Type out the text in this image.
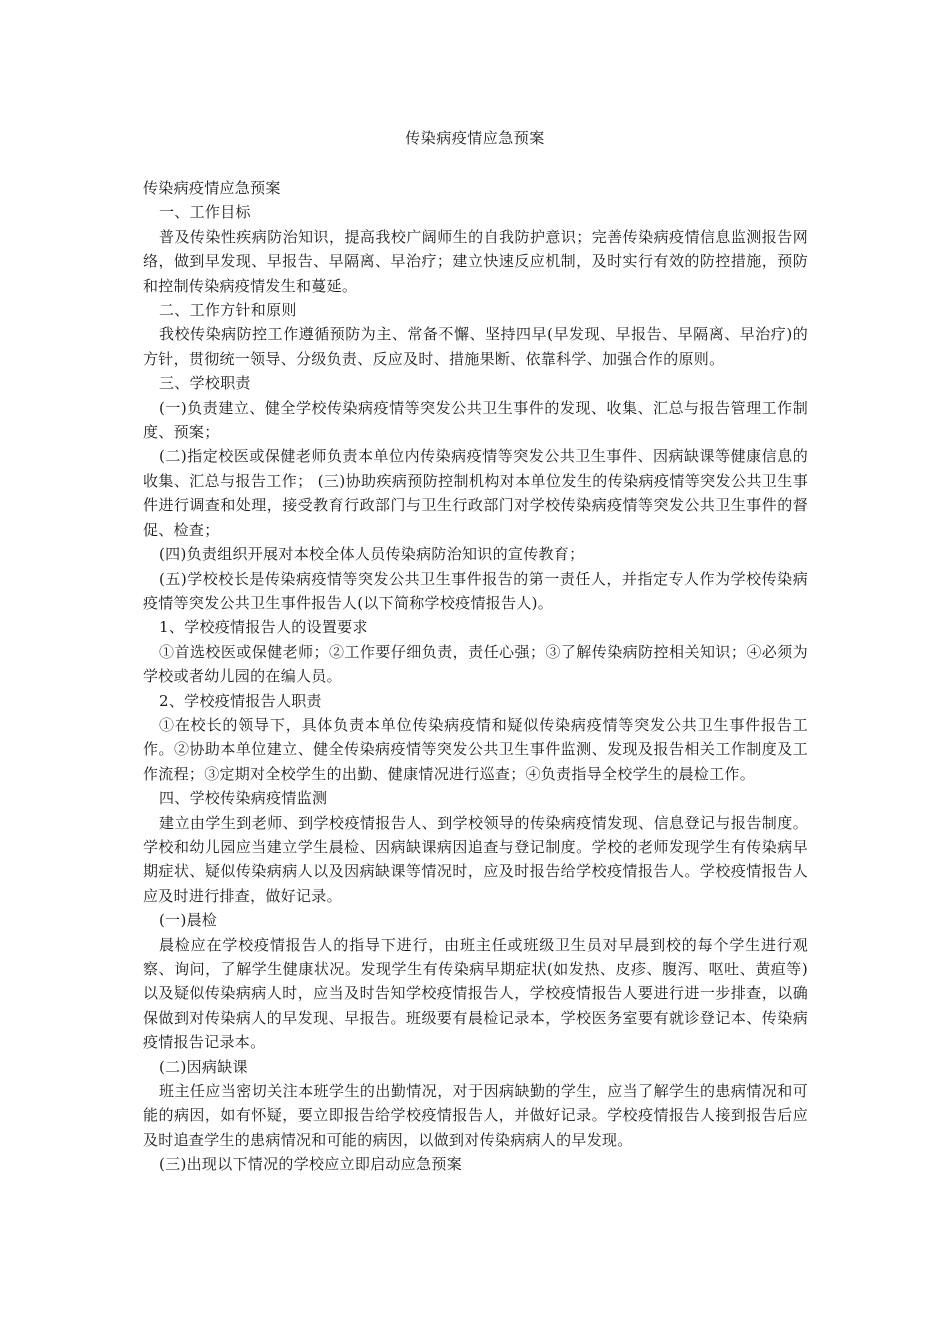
传染病疫情应急预案

传染病疫情应急预案

一、工作目标

普及传染性疾病防治知识，提高我校广阔师生的自我防护意识；完善传染病疫情信息监测报告网络，做到早发现、早报告、早隔离、早治疗；建立快速反应机制，及时实行有效的防控措施，预防和控制传染病疫情发生和蔓延。

二、工作方针和原则

我校传染病防控工作遵循预防为主、常备不懈、坚持四早(早发现、早报告、早隔离、早治疗)的方针，贯彻统一领导、分级负责、反应及时、措施果断、依靠科学、加强合作的原则。

三、学校职责

(一)负责建立、健全学校传染病疫情等突发公共卫生事件的发现、收集、汇总与报告管理工作制度、预案；

(二)指定校医或保健老师负责本单位内传染病疫情等突发公共卫生事件、因病缺课等健康信息的收集、汇总与报告工作； (三)协助疾病预防控制机构对本单位发生的传染病疫情等突发公共卫生事件进行调查和处理，接受教育行政部门与卫生行政部门对学校传染病疫情等突发公共卫生事件的督促、检查；

(四)负责组织开展对本校全体人员传染病防治知识的宣传教育；

(五)学校校长是传染病疫情等突发公共卫生事件报告的第一责任人，并指定专人作为学校传染病疫情等突发公共卫生事件报告人(以下简称学校疫情报告人)。

1、学校疫情报告人的设置要求

①首选校医或保健老师；②工作要仔细负责，责任心强；③了解传染病防控相关知识；④必须为学校或者幼儿园的在编人员。

2、学校疫情报告人职责

①在校长的领导下，具体负责本单位传染病疫情和疑似传染病疫情等突发公共卫生事件报告工作。②协助本单位建立、健全传染病疫情等突发公共卫生事件监测、发现及报告相关工作制度及工作流程；③定期对全校学生的出勤、健康情况进行巡查；④负责指导全校学生的晨检工作。

四、学校传染病疫情监测

建立由学生到老师、到学校疫情报告人、到学校领导的传染病疫情发现、信息登记与报告制度。学校和幼儿园应当建立学生晨检、因病缺课病因追查与登记制度。学校的老师发现学生有传染病早期症状、疑似传染病病人以及因病缺课等情况时，应及时报告给学校疫情报告人。学校疫情报告人应及时进行排查，做好记录。

(一)晨检

晨检应在学校疫情报告人的指导下进行，由班主任或班级卫生员对早晨到校的每个学生进行观察、询问，了解学生健康状况。发现学生有传染病早期症状(如发热、皮疹、腹泻、呕吐、黄疸等)以及疑似传染病病人时，应当及时告知学校疫情报告人，学校疫情报告人要进行进一步排查，以确保做到对传染病人的早发现、早报告。班级要有晨检记录本，学校医务室要有就诊登记本、传染病疫情报告记录本。

(二)因病缺课

班主任应当密切关注本班学生的出勤情况，对于因病缺勤的学生，应当了解学生的患病情况和可能的病因，如有怀疑，要立即报告给学校疫情报告人，并做好记录。学校疫情报告人接到报告后应及时追查学生的患病情况和可能的病因，以做到对传染病病人的早发现。

(三)出现以下情况的学校应立即启动应急预案
